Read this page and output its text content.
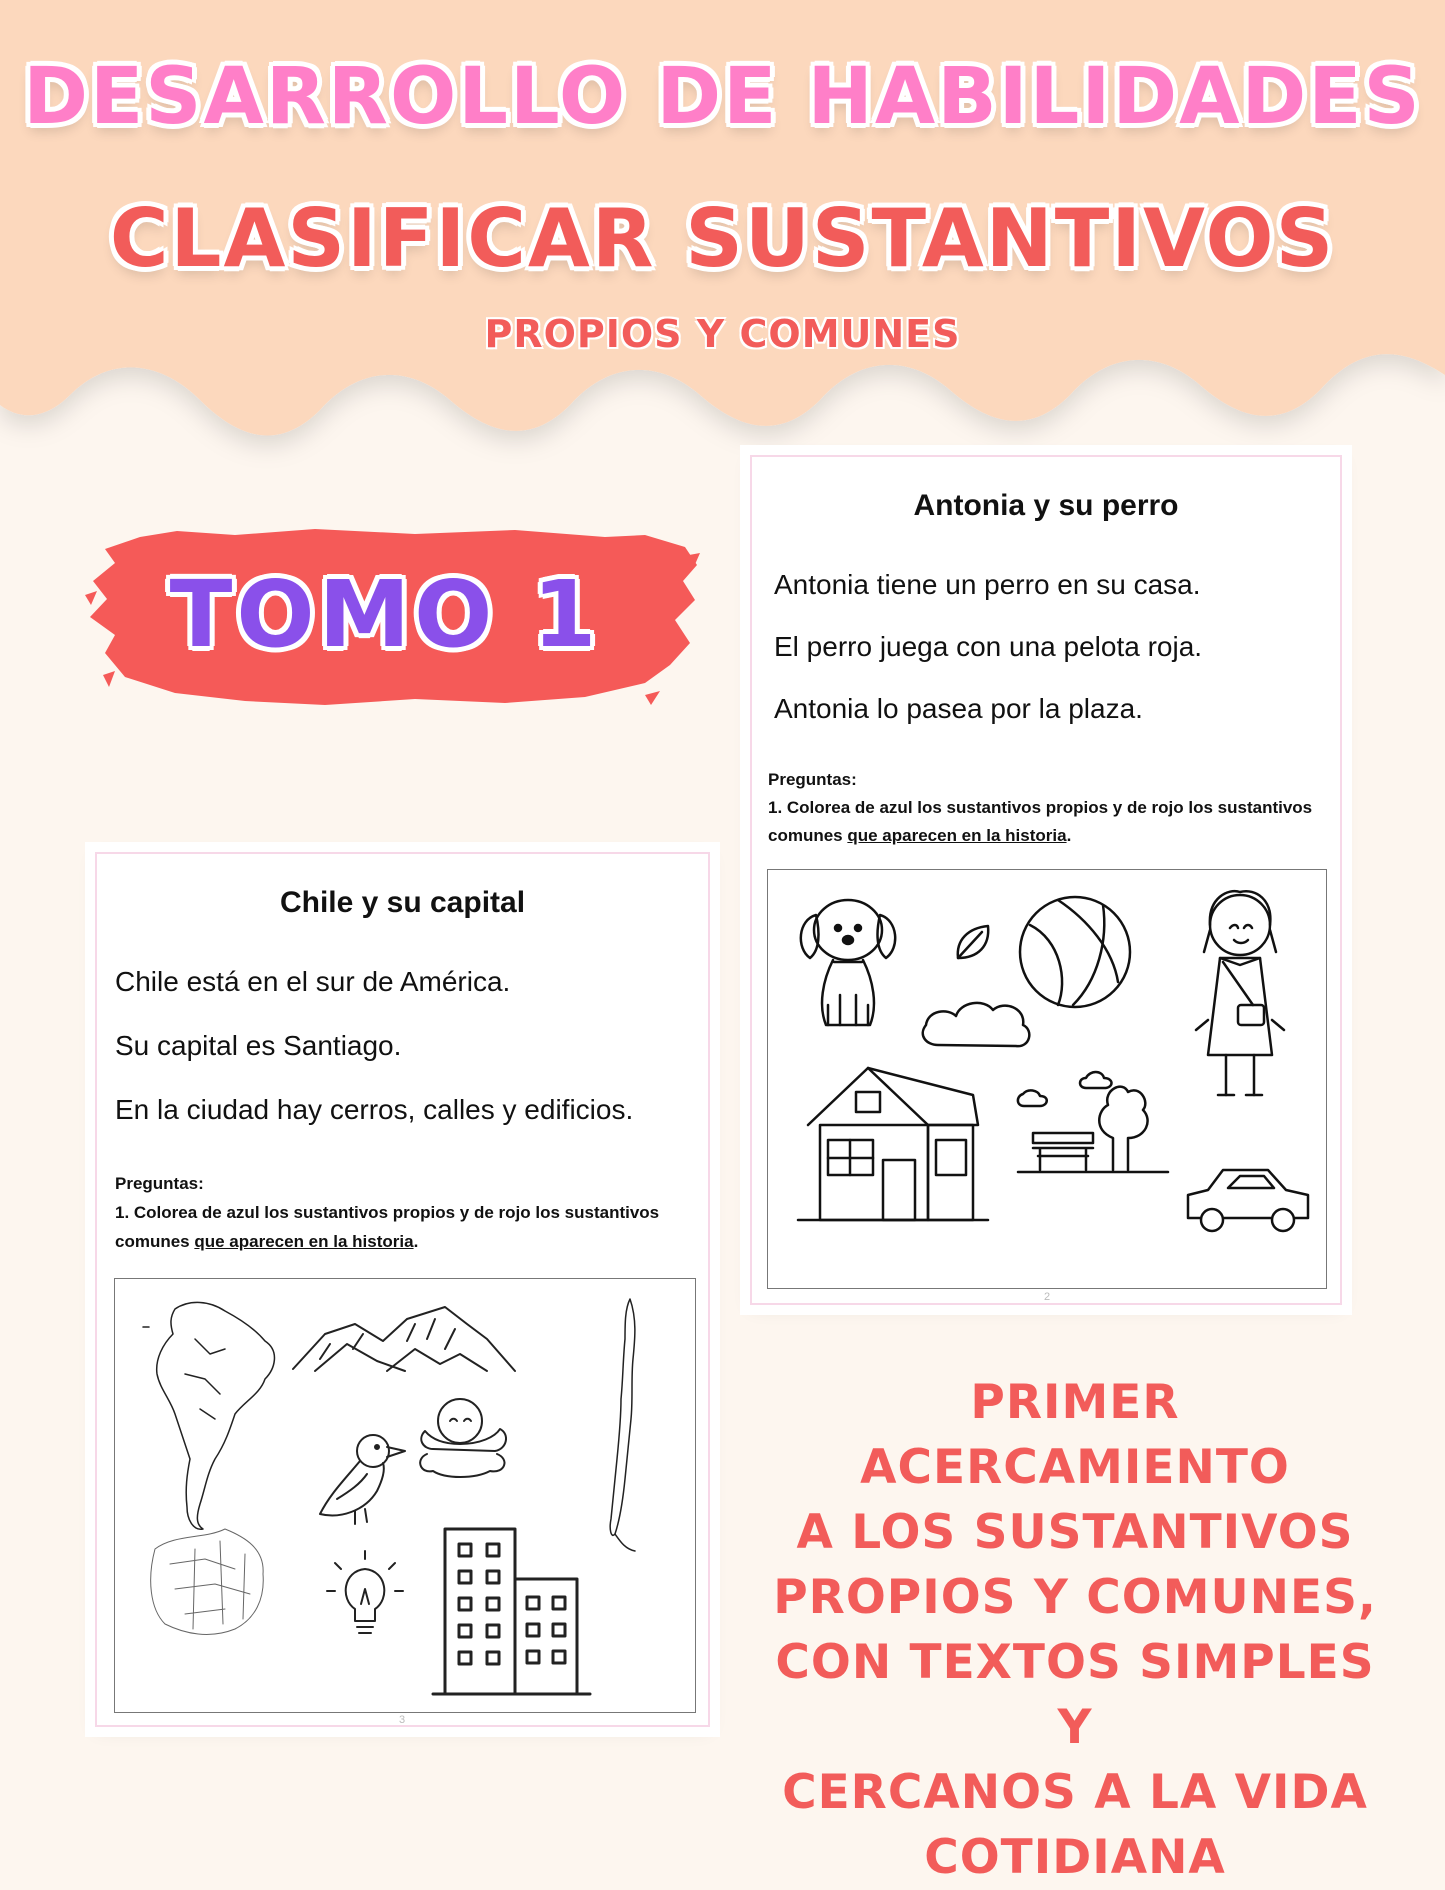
DESARROLLO DE HABILIDADES
CLASIFICAR SUSTANTIVOS
PROPIOS Y COMUNES
TOMO 1
Antonia y su perro
Antonia tiene un perro en su casa.
El perro juega con una pelota roja.
Antonia lo pasea por la plaza.
Preguntas:
1. Colorea de azul los sustantivos propios y de rojo los sustantivos
comunes que aparecen en la historia.
2
Chile y su capital
Chile está en el sur de América.
Su capital es Santiago.
En la ciudad hay cerros, calles y edificios.
Preguntas:
1. Colorea de azul los sustantivos propios y de rojo los sustantivos
comunes que aparecen en la historia.
3
PRIMER ACERCAMIENTO
A LOS SUSTANTIVOS
PROPIOS Y COMUNES,
CON TEXTOS SIMPLES Y
CERCANOS A LA VIDA
COTIDIANA
